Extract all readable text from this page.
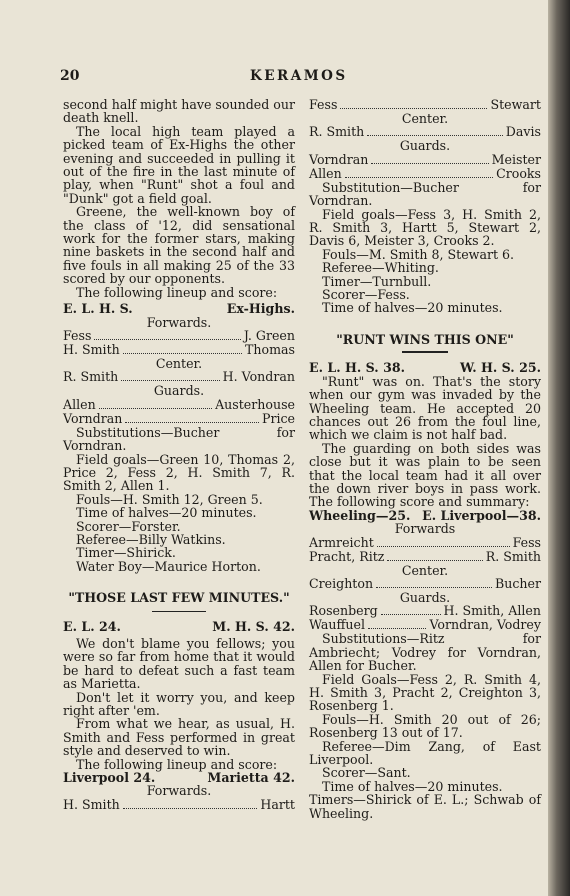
20	KERAMOS

second half might have sounded our death knell.

The local high team played a picked team of Ex-Highs the other evening and succeeded in pulling it out of the fire in the last minute of play, when "Runt" shot a foul and "Dunk" got a field goal.

Greene, the well-known boy of the class of '12, did sensational work for the former stars, making nine baskets in the second half and five fouls in all making 25 of the 33 scored by our opponents.

The following lineup and score:

E. L. H. S.	Ex-Highs.
Forwards.
Fess	J. Green
H. Smith	Thomas
Center.
R. Smith	H. Vondran
Guards.
Allen	Austerhouse
Vorndran	Price

Substitutions—Bucher for Vorndran.

Field goals—Green 10, Thomas 2, Price 2, Fess 2, H. Smith 7, R. Smith 2, Allen 1.

Fouls—H. Smith 12, Green 5.

Time of halves—20 minutes.

Scorer—Forster.

Referee—Billy Watkins.

Timer—Shirick.

Water Boy—Maurice Horton.

"THOSE LAST FEW MINUTES."
E. L. 24.	M. H. S. 42.

We don't blame you fellows; you were so far from home that it would be hard to defeat such a fast team as Marietta.

Don't let it worry you, and keep right after 'em.

From what we hear, as usual, H. Smith and Fess performed in great style and deserved to win.

The following lineup and score:

Liverpool 24.	Marietta 42.
Forwards.
H. Smith	Hartt
Fess	Stewart
Center.
R. Smith	Davis
Guards.
Vorndran	Meister
Allen	Crooks

Substitution—Bucher for Vorndran.

Field goals—Fess 3, H. Smith 2, R. Smith 3, Hartt 5, Stewart 2, Davis 6, Meister 3, Crooks 2.

Fouls—M. Smith 8, Stewart 6.

Referee—Whiting.

Timer—Turnbull.

Scorer—Fess.

Time of halves—20 minutes.

"RUNT WINS THIS ONE"
E. L. H. S. 38.	W. H. S. 25.

"Runt" was on. That's the story when our gym was invaded by the Wheeling team. He accepted 20 chances out 26 from the foul line, which we claim is not half bad.

The guarding on both sides was close but it was plain to be seen that the local team had it all over the down river boys in pass work. The following score and summary:

Wheeling—25. E. Liverpool—38.
Forwards
Armreicht	Fess
Pracht, Ritz	R. Smith
Center.
Creighton	Bucher
Guards.
Rosenberg	H. Smith, Allen
Wauffuel	Vorndran, Vodrey

Substitutions—Ritz for Ambriecht; Vodrey for Vorndran, Allen for Bucher.

Field Goals—Fess 2, R. Smith 4, H. Smith 3, Pracht 2, Creighton 3, Rosenberg 1.

Fouls—H. Smith 20 out of 26; Rosenberg 13 out of 17.

Referee—Dim Zang, of East Liverpool.

Scorer—Sant.

Time of halves—20 minutes.

Timers—Shirick of E. L.; Schwab of Wheeling.
